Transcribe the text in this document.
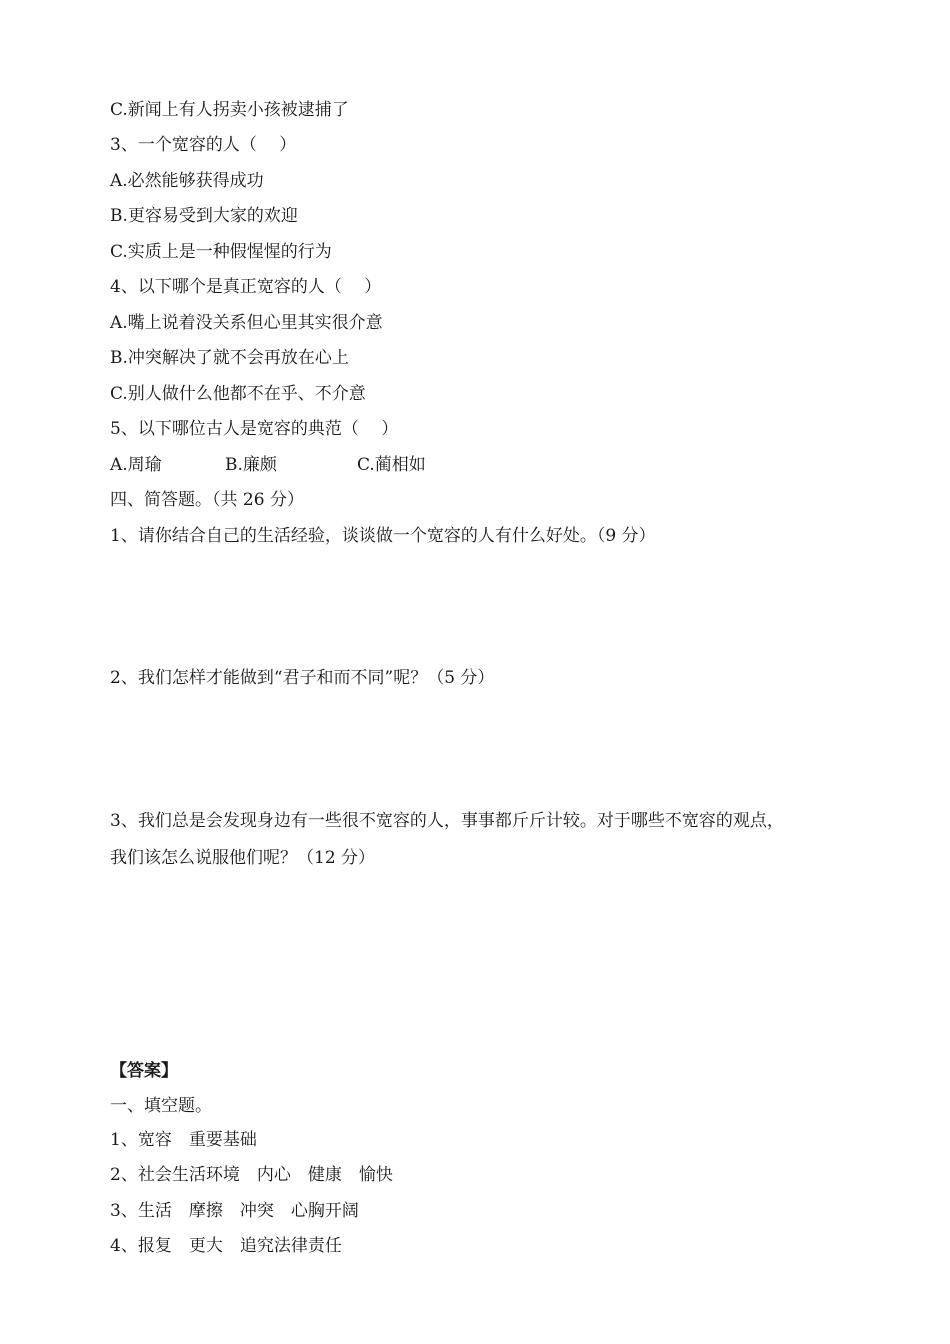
C.新闻上有人拐卖小孩被逮捕了
3、一个宽容的人（　 ）
A.必然能够获得成功
B.更容易受到大家的欢迎
C.实质上是一种假惺惺的行为
4、以下哪个是真正宽容的人（　 ）
A.嘴上说着没关系但心里其实很介意
B.冲突解决了就不会再放在心上
C.别人做什么他都不在乎、不介意
5、以下哪位古人是宽容的典范（　 ）
A.周瑜	B.廉颇	C.蔺相如
四、简答题。（共 26 分）
1、请你结合自己的生活经验，谈谈做一个宽容的人有什么好处。（9 分）
2、我们怎样才能做到“君子和而不同”呢？（5 分）
3、我们总是会发现身边有一些很不宽容的人，事事都斤斤计较。对于哪些不宽容的观点，
我们该怎么说服他们呢？（12 分）
【答案】
一、填空题。
1、宽容　重要基础
2、社会生活环境　内心　健康　愉快
3、生活　摩擦　冲突　心胸开阔
4、报复　更大　追究法律责任
